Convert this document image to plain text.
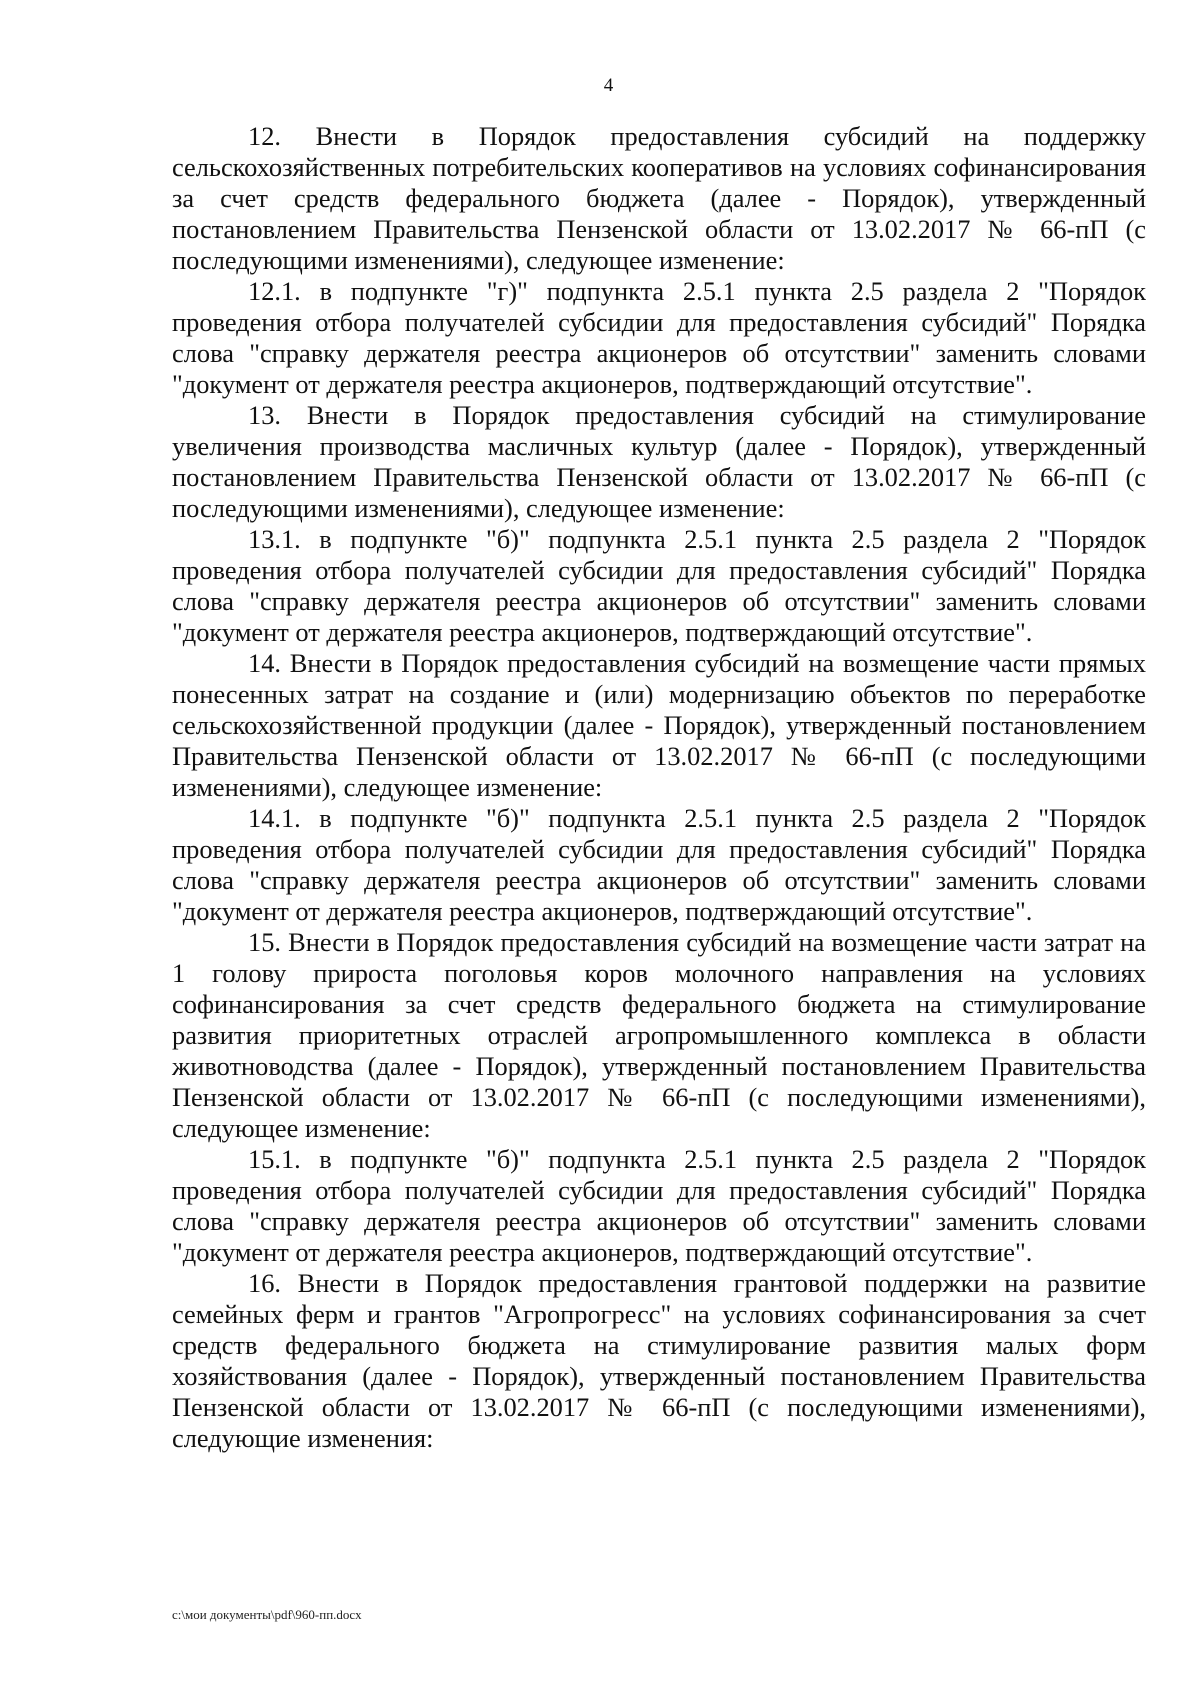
4

12. Внести в Порядок предоставления субсидий на поддержку сельскохозяйственных потребительских кооперативов на условиях софинансирования за счет средств федерального бюджета (далее - Порядок), утвержденный постановлением Правительства Пензенской области от 13.02.2017 № 66-пП (с последующими изменениями), следующее изменение:

12.1. в подпункте "г)" подпункта 2.5.1 пункта 2.5 раздела 2 "Порядок проведения отбора получателей субсидии для предоставления субсидий" Порядка слова "справку держателя реестра акционеров об отсутствии" заменить словами "документ от держателя реестра акционеров, подтверждающий отсутствие".

13. Внести в Порядок предоставления субсидий на стимулирование увеличения производства масличных культур (далее - Порядок), утвержденный постановлением Правительства Пензенской области от 13.02.2017 № 66-пП (с последующими изменениями), следующее изменение:

13.1. в подпункте "б)" подпункта 2.5.1 пункта 2.5 раздела 2 "Порядок проведения отбора получателей субсидии для предоставления субсидий" Порядка слова "справку держателя реестра акционеров об отсутствии" заменить словами "документ от держателя реестра акционеров, подтверждающий отсутствие".

14. Внести в Порядок предоставления субсидий на возмещение части прямых понесенных затрат на создание и (или) модернизацию объектов по переработке сельскохозяйственной продукции (далее - Порядок), утвержденный постановлением Правительства Пензенской области от 13.02.2017 № 66-пП (с последующими изменениями), следующее изменение:

14.1. в подпункте "б)" подпункта 2.5.1 пункта 2.5 раздела 2 "Порядок проведения отбора получателей субсидии для предоставления субсидий" Порядка слова "справку держателя реестра акционеров об отсутствии" заменить словами "документ от держателя реестра акционеров, подтверждающий отсутствие".

15. Внести в Порядок предоставления субсидий на возмещение части затрат на 1 голову прироста поголовья коров молочного направления на условиях софинансирования за счет средств федерального бюджета на стимулирование развития приоритетных отраслей агропромышленного комплекса в области животноводства (далее - Порядок), утвержденный постановлением Правительства Пензенской области от 13.02.2017 № 66-пП (с последующими изменениями), следующее изменение:

15.1. в подпункте "б)" подпункта 2.5.1 пункта 2.5 раздела 2 "Порядок проведения отбора получателей субсидии для предоставления субсидий" Порядка слова "справку держателя реестра акционеров об отсутствии" заменить словами "документ от держателя реестра акционеров, подтверждающий отсутствие".

16. Внести в Порядок предоставления грантовой поддержки на развитие семейных ферм и грантов "Агропрогресс" на условиях софинансирования за счет средств федерального бюджета на стимулирование развития малых форм хозяйствования (далее - Порядок), утвержденный постановлением Правительства Пензенской области от 13.02.2017 № 66-пП (с последующими изменениями), следующие изменения:

с:\мои документы\pdf\960-пп.docx
